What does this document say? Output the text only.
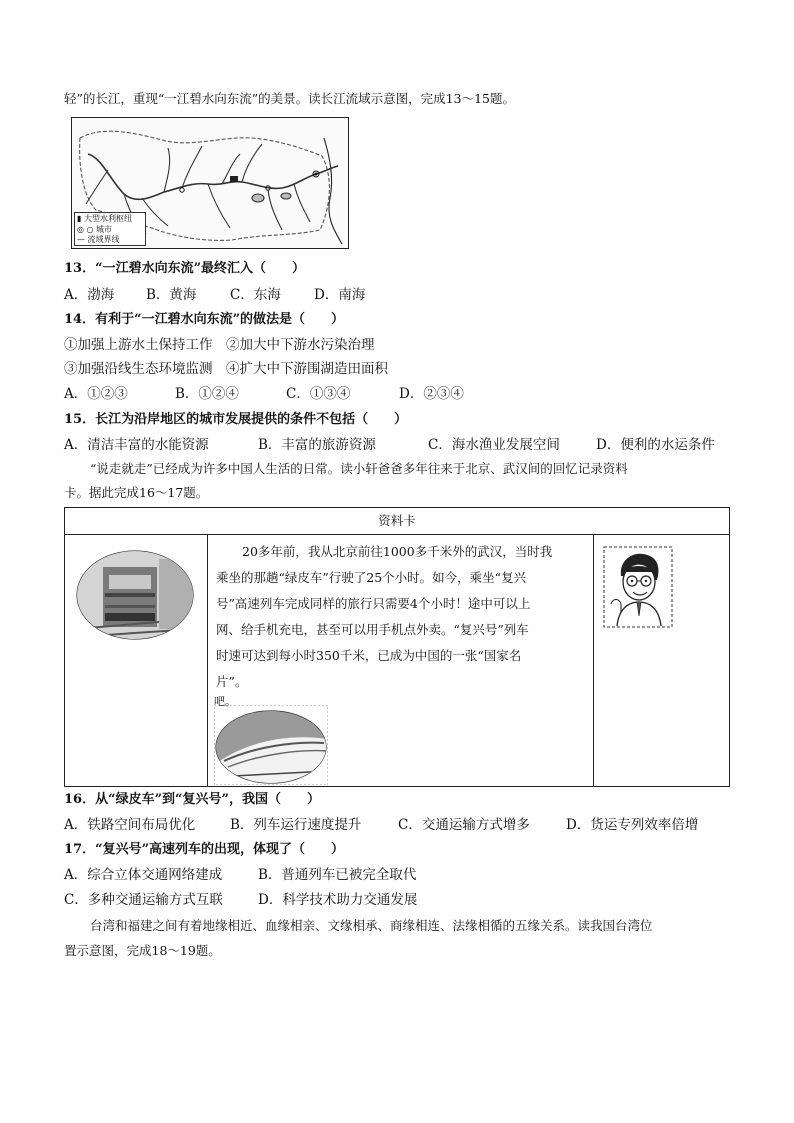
轻”的长江，重现“一江碧水向东流”的美景。读长江流域示意图，完成13～15题。
▮ 大型水利枢纽
◎ ○ 城市
— 流域界线
13．“一江碧水向东流”最终汇入（　　）
A．渤海 B．黄海 C．东海 D．南海
14．有利于“一江碧水向东流”的做法是（　　）
①加强上游水土保持工作　②加大中下游水污染治理
③加强沿线生态环境监测　④扩大中下游围湖造田面积
A．①②③	B．①②④	C．①③④	D．②③④
15．长江为沿岸地区的城市发展提供的条件不包括（　　）
A．清洁丰富的水能资源	B．丰富的旅游资源	C．海水渔业发展空间	D．便利的水运条件
“说走就走”已经成为许多中国人生活的日常。读小轩爸爸多年往来于北京、武汉间的回忆记录资料
卡。据此完成16～17题。
资料卡
20多年前，我从北京前往1000多千米外的武汉，当时我
乘坐的那趟“绿皮车”行驶了25个小时。如今，乘坐“复兴
号”高速列车完成同样的旅行只需要4个小时！途中可以上
网、给手机充电，甚至可以用手机点外卖。“复兴号”列车
时速可达到每小时350千米，已成为中国的一张“国家名
片”。
吧。
16．从“绿皮车”到“复兴号”，我国（　　）
A．铁路空间布局优化	B．列车运行速度提升	C．交通运输方式增多	D．货运专列效率倍增
17．“复兴号”高速列车的出现，体现了（　　）
A．综合立体交通网络建成	B．普通列车已被完全取代
C．多种交通运输方式互联	D．科学技术助力交通发展
台湾和福建之间有着地缘相近、血缘相亲、文缘相承、商缘相连、法缘相循的五缘关系。读我国台湾位
置示意图，完成18～19题。
